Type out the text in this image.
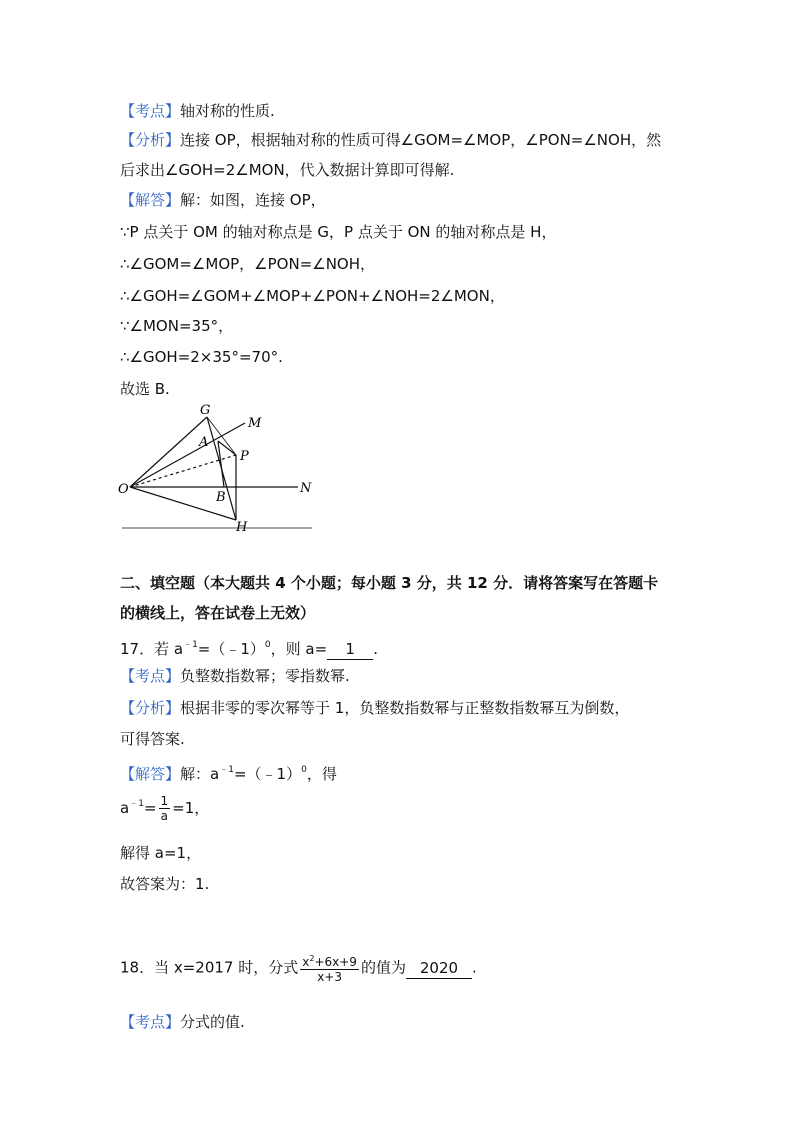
【考点】轴对称的性质.
【分析】连接 OP，根据轴对称的性质可得∠GOM=∠MOP，∠PON=∠NOH，然
后求出∠GOH=2∠MON，代入数据计算即可得解.
【解答】解：如图，连接 OP，
∵P 点关于 OM 的轴对称点是 G，P 点关于 ON 的轴对称点是 H，
∴∠GOM=∠MOP，∠PON=∠NOH，
∴∠GOH=∠GOM+∠MOP+∠PON+∠NOH=2∠MON，
∵∠MON=35°，
∴∠GOH=2×35°=70°.
故选 B.
G
M
A
P
O
B
N
H
二、填空题（本大题共 4 个小题；每小题 3 分，共 12 分．请将答案写在答题卡
的横线上，答在试卷上无效）
17．若 $a^{﹣1}=(﹣1)^0$，则 a= 1 .
【考点】负整数指数幂；零指数幂.
【分析】根据非零的零次幂等于 1，负整数指数幂与正整数指数幂互为倒数，
可得答案.
【解答】解：$a^{﹣1}=(﹣1)^0$，得
$a^{﹣1}= \frac{1}{a} =1$，
解得 a=1，
故答案为：1.
18．当 x=2017 时，分式 $\frac{x^2+6x+9}{x+3}$ 的值为 2020 .
【考点】分式的值.
